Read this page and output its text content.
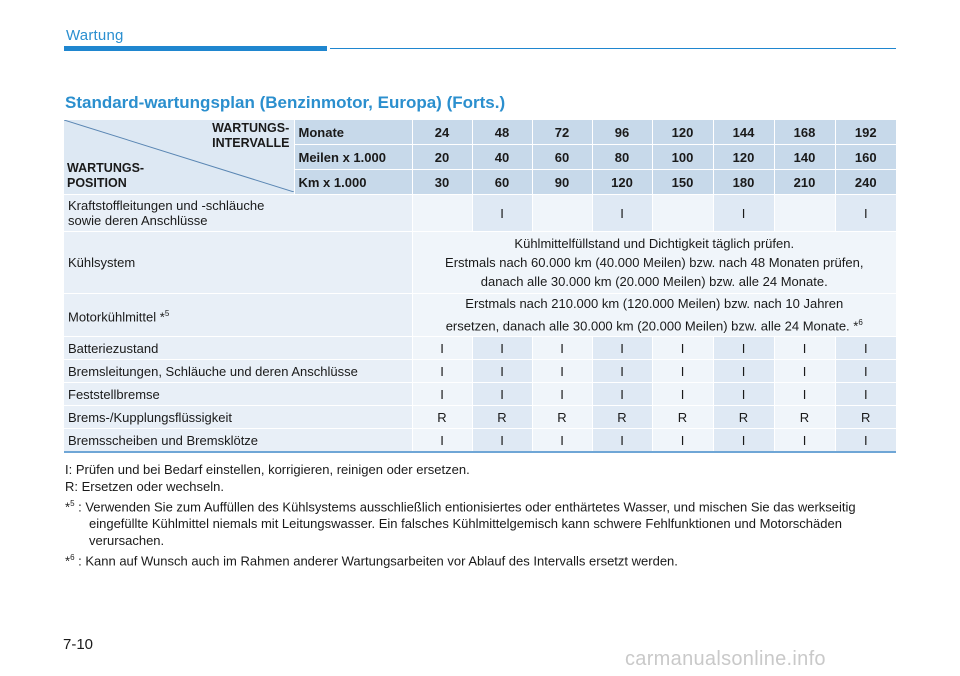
Wartung
Standard-wartungsplan (Benzinmotor, Europa) (Forts.)
WARTUNGS-
INTERVALLE
WARTUNGS-
POSITION	Monate	24	48	72	96	120	144	168	192
	Meilen x 1.000	20	40	60	80	100	120	140	160
	Km x 1.000	30	60	90	120	150	180	210	240

Kraftstoffleitungen und -schläuche
sowie deren Anschlüsse			I		I		I		I

Kühlsystem		Kühlmittelfüllstand und Dichtigkeit täglich prüfen.
Erstmals nach 60.000 km (40.000 Meilen) bzw. nach 48 Monaten prüfen,
danach alle 30.000 km (20.000 Meilen) bzw. alle 24 Monate.							

Motorkühlmittel *$^5$		Erstmals nach 210.000 km (120.000 Meilen) bzw. nach 10 Jahren
ersetzen, danach alle 30.000 km (20.000 Meilen) bzw. alle 24 Monate. *$^6$

Batteriezustand		I	I	I	I	I	I	I	I

Bremsleitungen, Schläuche und deren Anschlüsse		I	I	I	I	I	I	I	I

Feststellbremse		I	I	I	I	I	I	I	I

Brems-/Kupplungsflüssigkeit		R	R	R	R	R	R	R	R

Bremsscheiben und Bremsklötze		I	I	I	I	I	I	I	I

I: Prüfen und bei Bedarf einstellen, korrigieren, reinigen oder ersetzen.

R: Ersetzen oder wechseln.

*$^5$ : Verwenden Sie zum Auffüllen des Kühlsystems ausschließlich entionisiertes oder enthärtetes Wasser, und mischen Sie das werkseitig eingefüllte Kühlmittel niemals mit Leitungswasser. Ein falsches Kühlmittelgemisch kann schwere Fehlfunktionen und Motorschäden verursachen.

*$^6$ : Kann auf Wunsch auch im Rahmen anderer Wartungsarbeiten vor Ablauf des Intervalls ersetzt werden.

7-10
carmanualsonline.info
